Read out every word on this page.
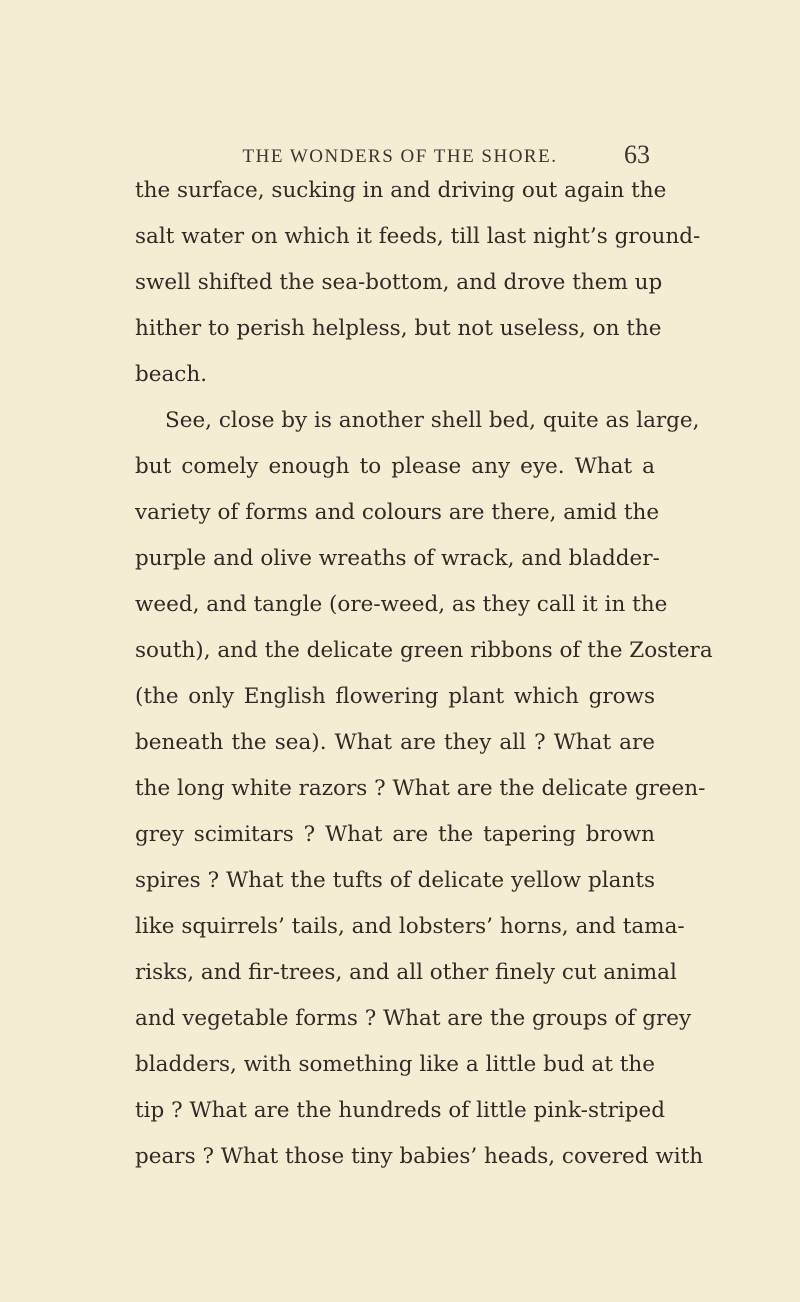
THE WONDERS OF THE SHORE.	63
the surface, sucking in and driving out again the
salt water on which it feeds, till last night’s ground-
swell shifted the sea-bottom, and drove them up
hither to perish helpless, but not useless, on the
beach.
See, close by is another shell bed, quite as large,
but comely enough to please any eye. What a
variety of forms and colours are there, amid the
purple and olive wreaths of wrack, and bladder-
weed, and tangle (ore-weed, as they call it in the
south), and the delicate green ribbons of the Zostera
(the only English flowering plant which grows
beneath the sea). What are they all ? What are
the long white razors ? What are the delicate green-
grey scimitars ? What are the tapering brown
spires ? What the tufts of delicate yellow plants
like squirrels’ tails, and lobsters’ horns, and tama-
risks, and fir-trees, and all other finely cut animal
and vegetable forms ? What are the groups of grey
bladders, with something like a little bud at the
tip ? What are the hundreds of little pink-striped
pears ? What those tiny babies’ heads, covered with
